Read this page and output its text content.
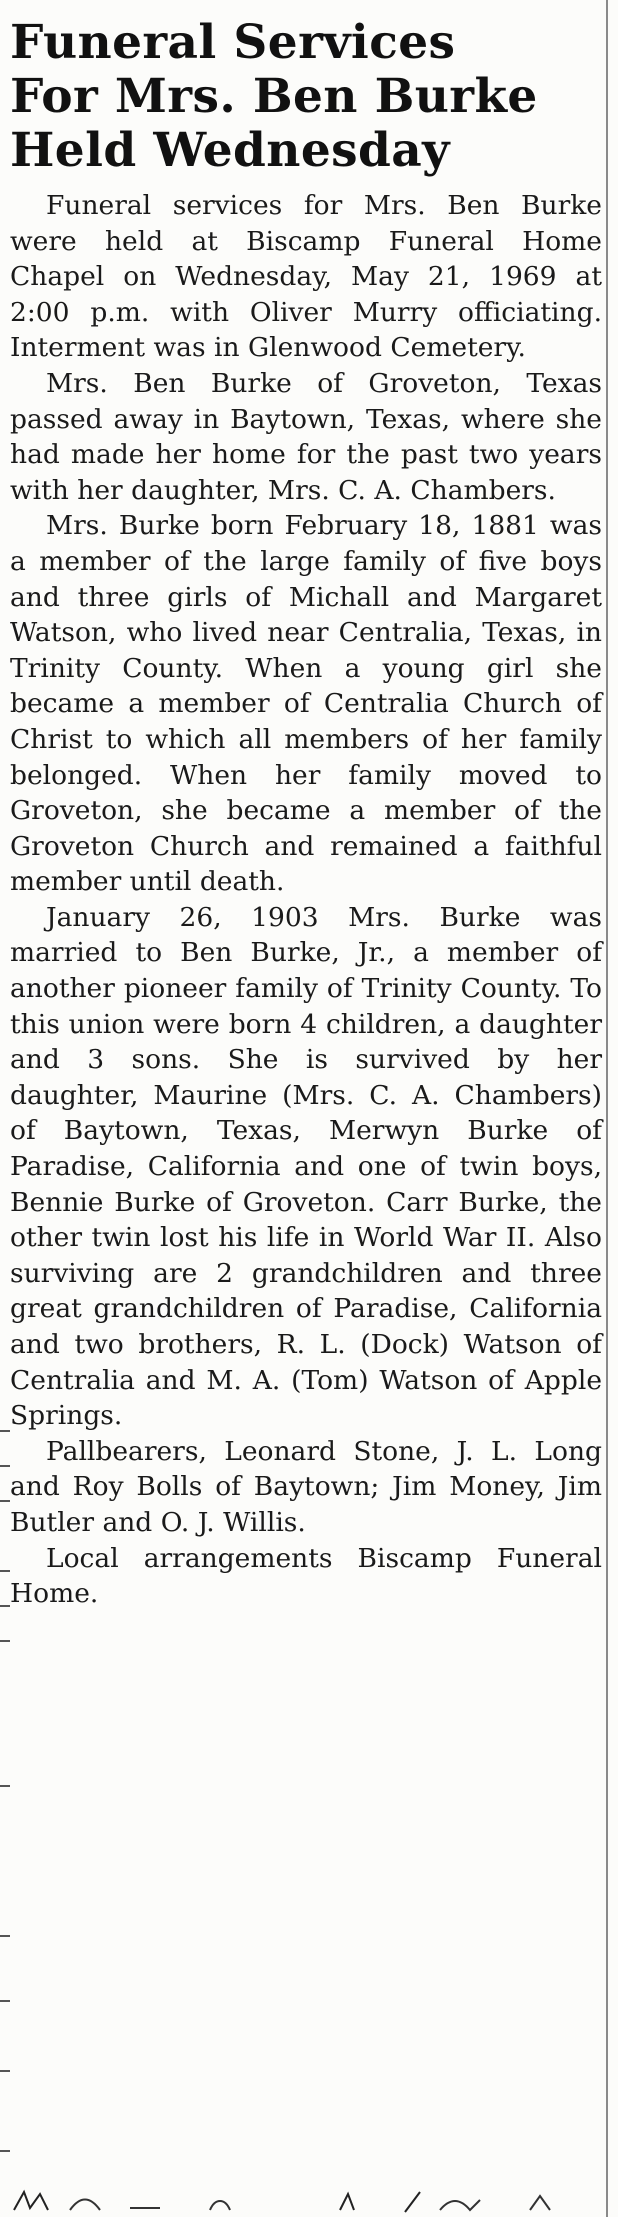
Funeral Services
For Mrs. Ben Burke
Held Wednesday

Funeral services for Mrs. Ben Burke were held at Biscamp Funeral Home Chapel on Wednesday, May 21, 1969 at 2:00 p.m. with Oliver Murry officiating. Interment was in Glenwood Cemetery.

Mrs. Ben Burke of Groveton, Texas passed away in Baytown, Texas, where she had made her home for the past two years with her daughter, Mrs. C. A. Chambers.

Mrs. Burke born February 18, 1881 was a member of the large family of five boys and three girls of Michall and Margaret Watson, who lived near Centralia, Texas, in Trinity County. When a young girl she became a member of Centralia Church of Christ to which all members of her family belonged. When her family moved to Groveton, she became a member of the Groveton Church and remained a faithful member until death.

January 26, 1903 Mrs. Burke was married to Ben Burke, Jr., a member of another pioneer family of Trinity County. To this union were born 4 children, a daughter and 3 sons. She is survived by her daughter, Maurine (Mrs. C. A. Chambers) of Baytown, Texas, Merwyn Burke of Paradise, California and one of twin boys, Bennie Burke of Groveton. Carr Burke, the other twin lost his life in World War II. Also surviving are 2 grandchildren and three great grandchildren of Paradise, California and two brothers, R. L. (Dock) Watson of Centralia and M. A. (Tom) Watson of Apple Springs.

Pallbearers, Leonard Stone, J. L. Long and Roy Bolls of Baytown; Jim Money, Jim Butler and O. J. Willis.

Local arrangements Biscamp Funeral Home.
